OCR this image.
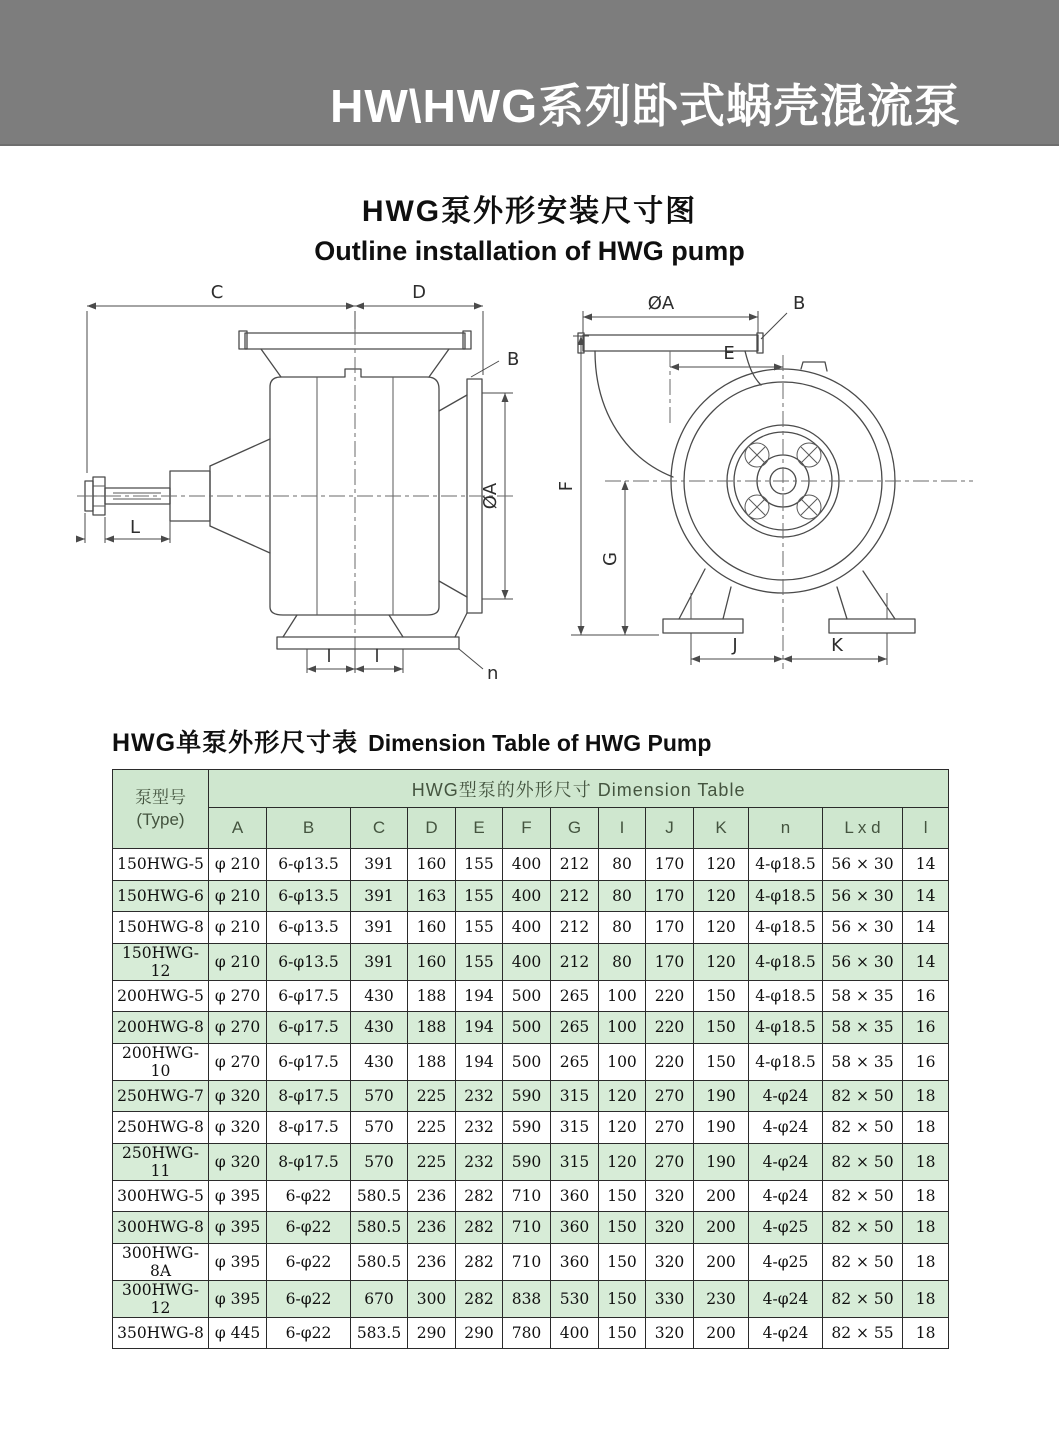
HW\HWG系列卧式蜗壳混流泵
HWG泵外形安装尺寸图
Outline installation of HWG pump
C	D
ØA
B
L
l l
n
ØA	B
E
F
G
J	K
HWG单泵外形尺寸表 Dimension Table of HWG Pump
泵型号
(Type)	HWG型泵的外形尺寸 Dimension Table												
	A	B	C	D	E	F	G	I	J	K	n	L x d	l
150HWG-5	φ 210	6-φ13.5	391	160	155	400	212	80	170	120	4-φ18.5	56 × 30	14
150HWG-6	φ 210	6-φ13.5	391	163	155	400	212	80	170	120	4-φ18.5	56 × 30	14
150HWG-8	φ 210	6-φ13.5	391	160	155	400	212	80	170	120	4-φ18.5	56 × 30	14
150HWG-12	φ 210	6-φ13.5	391	160	155	400	212	80	170	120	4-φ18.5	56 × 30	14
200HWG-5	φ 270	6-φ17.5	430	188	194	500	265	100	220	150	4-φ18.5	58 × 35	16
200HWG-8	φ 270	6-φ17.5	430	188	194	500	265	100	220	150	4-φ18.5	58 × 35	16
200HWG-10	φ 270	6-φ17.5	430	188	194	500	265	100	220	150	4-φ18.5	58 × 35	16
250HWG-7	φ 320	8-φ17.5	570	225	232	590	315	120	270	190	4-φ24	82 × 50	18
250HWG-8	φ 320	8-φ17.5	570	225	232	590	315	120	270	190	4-φ24	82 × 50	18
250HWG-11	φ 320	8-φ17.5	570	225	232	590	315	120	270	190	4-φ24	82 × 50	18
300HWG-5	φ 395	6-φ22	580.5	236	282	710	360	150	320	200	4-φ24	82 × 50	18
300HWG-8	φ 395	6-φ22	580.5	236	282	710	360	150	320	200	4-φ25	82 × 50	18
300HWG-8A	φ 395	6-φ22	580.5	236	282	710	360	150	320	200	4-φ25	82 × 50	18
300HWG-12	φ 395	6-φ22	670	300	282	838	530	150	330	230	4-φ24	82 × 50	18
350HWG-8	φ 445	6-φ22	583.5	290	290	780	400	150	320	200	4-φ24	82 × 55	18
